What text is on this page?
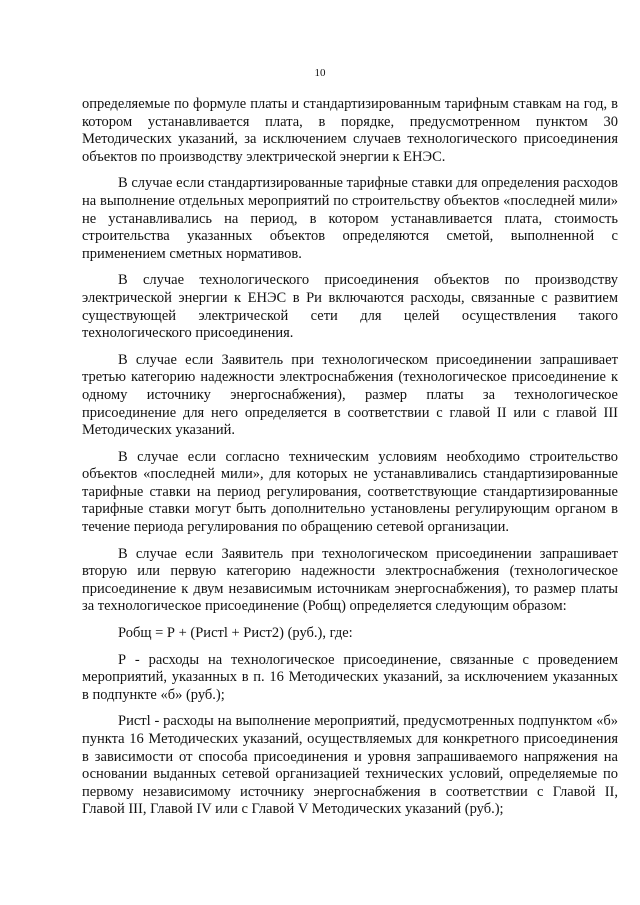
10

определяемые по формуле платы и стандартизированным тарифным ставкам на год, в котором устанавливается плата, в порядке, предусмотренном пунктом 30 Методических указаний, за исключением случаев технологического присоединения объектов по производству электрической энергии к ЕНЭС.

В случае если стандартизированные тарифные ставки для определения расходов на выполнение отдельных мероприятий по строительству объектов «последней мили» не устанавливались на период, в котором устанавливается плата, стоимость строительства указанных объектов определяются сметой, выполненной с применением сметных нормативов.

В случае технологического присоединения объектов по производству электрической энергии к ЕНЭС в Ри включаются расходы, связанные с развитием существующей электрической сети для целей осуществления такого технологического присоединения.

В случае если Заявитель при технологическом присоединении запрашивает третью категорию надежности электроснабжения (технологическое присоединение к одному источнику энергоснабжения), размер платы за технологическое присоединение для него определяется в соответствии с главой II или с главой III Методических указаний.

В случае если согласно техническим условиям необходимо строительство объектов «последней мили», для которых не устанавливались стандартизированные тарифные ставки на период регулирования, соответствующие стандартизированные тарифные ставки могут быть дополнительно установлены регулирующим органом в течение периода регулирования по обращению сетевой организации.

В случае если Заявитель при технологическом присоединении запрашивает вторую или первую категорию надежности электроснабжения (технологическое присоединение к двум независимым источникам энергоснабжения), то размер платы за технологическое присоединение (Робщ) определяется следующим образом:

Робщ = Р + (Ристl + Рист2) (руб.), где:

Р - расходы на технологическое присоединение, связанные с проведением мероприятий, указанных в п. 16 Методических указаний, за исключением указанных в подпункте «б» (руб.);

Ристl - расходы на выполнение мероприятий, предусмотренных подпунктом «б» пункта 16 Методических указаний, осуществляемых для конкретного присоединения в зависимости от способа присоединения и уровня запрашиваемого напряжения на основании выданных сетевой организацией технических условий, определяемые по первому независимому источнику энергоснабжения в соответствии с Главой II, Главой III, Главой IV или с Главой V Методических указаний (руб.);
